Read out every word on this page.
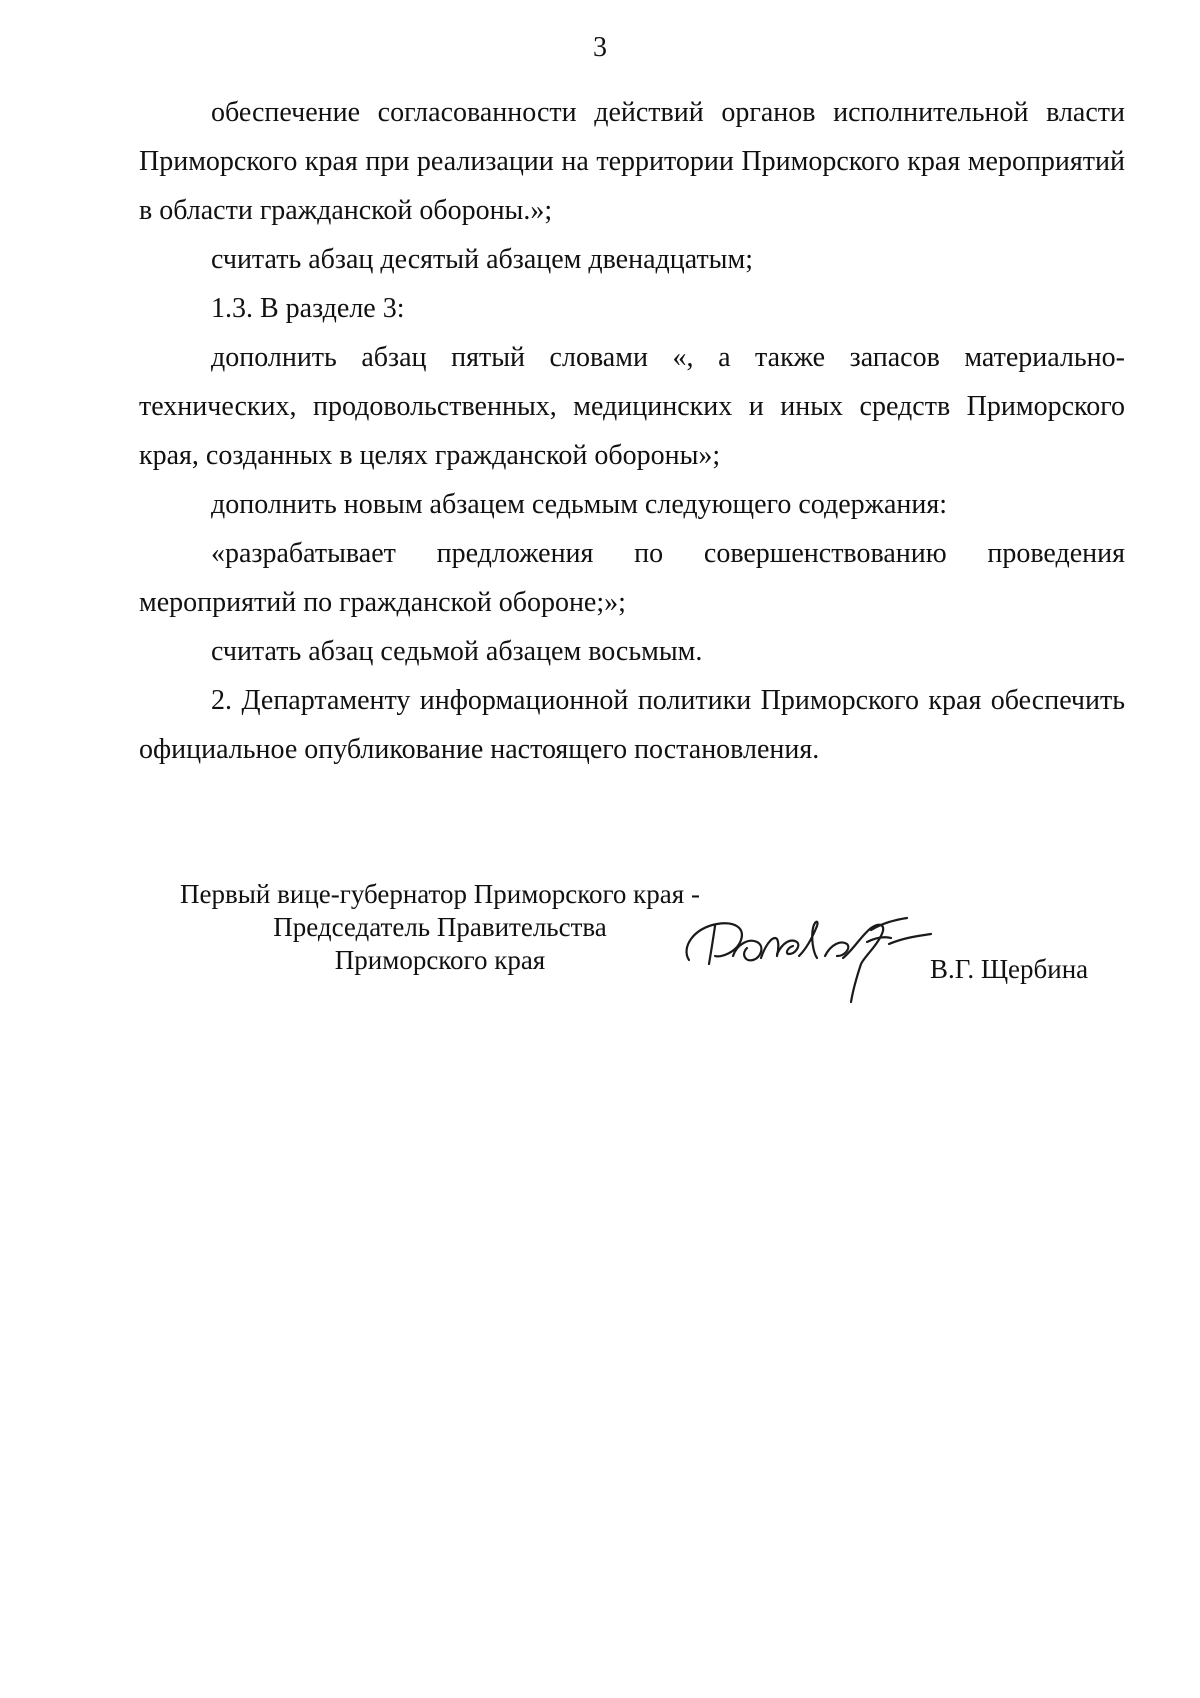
3

обеспечение согласованности действий органов исполнительной власти Приморского края при реализации на территории Приморского края мероприятий в области гражданской обороны.»;

считать абзац десятый абзацем двенадцатым;

1.3. В разделе 3:

дополнить абзац пятый словами «, а также запасов материально-технических, продовольственных, медицинских и иных средств Приморского края, созданных в целях гражданской обороны»;

дополнить новым абзацем седьмым следующего содержания:

«разрабатывает предложения по совершенствованию проведения мероприятий по гражданской обороне;»;

считать абзац седьмой абзацем восьмым.

2. Департаменту информационной политики Приморского края обеспечить официальное опубликование настоящего постановления.

Первый вице-губернатор Приморского края -
Председатель Правительства
Приморского края	В.Г. Щербина
